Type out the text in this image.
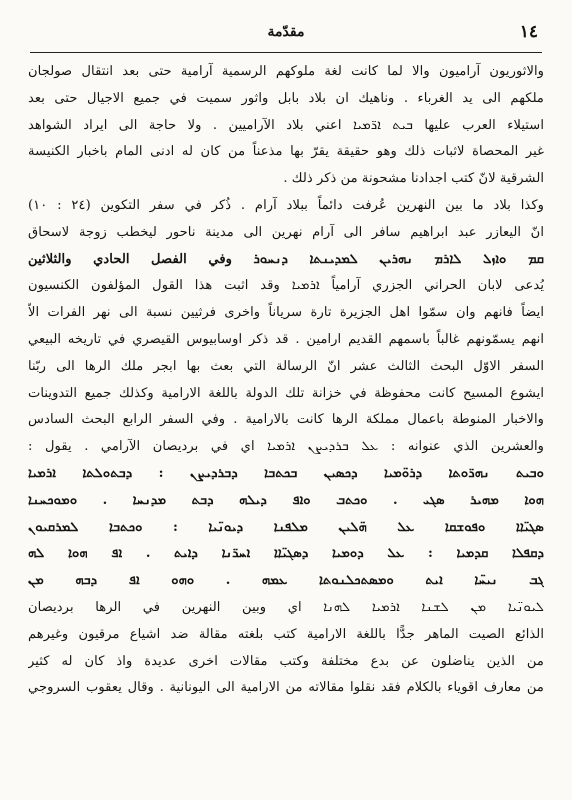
مقدّمة	١٤
والاثوريون آراميون والا لما كانت لغة ملوكهم الرسمية آرامية حتى بعد انتقال صولجان
ملكهم الى يد الغرباء . وناهيك ان بلاد بابل واثور سميت في جميع الاجيال حتى بعد
استيلاء العرب عليها ܒܝܬ ܐܪ̈ܡܝܐ اعني بلاد الآراميين . ولا حاجة الى ايراد الشواهد
غير المحصاة لاثبات ذلك وهو حقيقة يقرّ بها مذعناً من كان له ادنى المام باخبار الكنيسة
الشرقية لانّ كتب اجدادنا مشحونة من ذكر ذلك .
وكذا بلاد ما بين النهرين عُرفت دائماً ببلاد آرام . ذُكر في سفر التكوين (٢٤ : ١٠)
انّ اليعازر عبد ابراهيم سافر الى آرام نهرين الى مدينة ناحور ليخطب زوجة لاسحاق
ܩܡ ܘܐܙܠ ܠܐܪܡ ܢܗܪܝܢ ܠܡܕܝܢܬܐ ܕܢܚܘܪ وفي الفصل الحادي والثلاثين
يُدعى لابان الحراني الجزري آرامياً ܐܪܡܝܐ وقد اثبت هذا القول المؤلفون الكنسيون
ايضاً فانهم وان سمّوا اهل الجزيرة تارة سرياناً واخرى فرثيين نسبة الى نهر الفرات الاّ
انهم يسمّونهم غالباً باسمهم القديم ارامين . قد ذكر اوسابيوس القيصري في تاريخه البيعي
السفر الاوّل البحث الثالث عشر انّ الرسالة التي بعث بها ابجر ملك الرها الى ربّنا
ايشوع المسيح كانت محفوظة في خزانة تلك الدولة باللغة الارامية وكذلك جميع التدوينات
والاخبار المنوطة باعمال مملكة الرها كانت بالارامية . وفي السفر الرابع البحث السادس
والعشرين الذي عنوانه : ܥܠ ܒܪܕܝܨܢ ܐܪܡܝܐ اي في برديصان الآرامي . يقول :
ܘܒܝܬ ܢܗܪ̈ܘܬܐ ܕܪܘ̈ܡܝܐ ܕܟܣܝܢ ܒܟܬܒܐ ܕܒܪܕܝܨܢ : ܕܒܬܘܠܬܐ ܐܪܡܝܐ
ܗܘܐ ܡܗܝܪ ܣܓܝ . ܘܟܬܒ ܘܐܦ ܕܝܠܗ ܕܒܬ ܡܕܢܚܐ . ܘܡܘܟܚܢܐ
ܣܓܝ̈ܐܐ ܘܦܘܫܩܐ ܥܠ ܗ̈ܠܝܢ ܡܠܦܢܐ ܕܝܘܢ̈ܝܐ : ܘܟܬܒܐ ܠܡܪܩܝܘܢ
ܕܩܦܠܐ ܩܕܡܝܐ : ܥܠ ܕܘܡܝܐ ܕܣܓܝ̈ܐܐ ܐܚܪ̈ܢܐ ܕܐܝܬ . ܐܦ ܗܘܐ ܠܗ
ܓܒ ܢܝܚ̈ܐ ܐܝܬ ܘܡܣܬܟܠܢܘܬܐ ܥܡܗ . ܘܗܘ ܐܦ ܕܒܗ ܡܢ
ܠܝܘܢ̈ܝܐ ܡܢ ܠܫܢܐ ܐܪܡܝܐ ܠܗܢܐ اي وبين النهرين في الرها برديصان
الذائع الصيت الماهر جدًّا باللغة الارامية كتب بلغته مقالة ضد اشياع مرقيون وغيرهم
من الذين يناضلون عن بدع مختلفة وكتب مقالات اخرى عديدة واذ كان له كثير
من معارف اقوياء بالكلام فقد نقلوا مقالاته من الارامية الى اليونانية . وقال يعقوب السروجي
